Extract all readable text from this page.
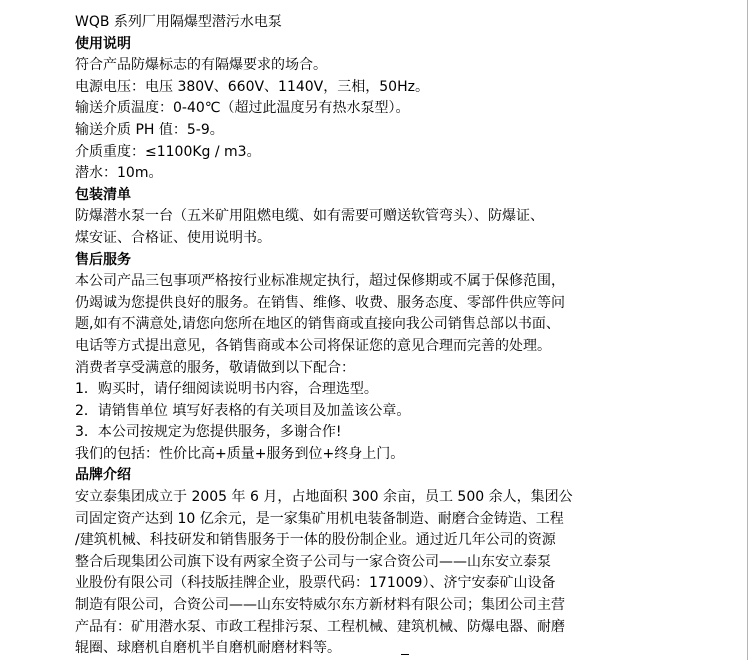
WQB 系列厂用隔爆型潜污水电泵
使用说明
符合产品防爆标志的有隔爆要求的场合。
电源电压：电压 380V、660V、1140V，三相，50Hz。
输送介质温度：0-40℃（超过此温度另有热水泵型）。
输送介质 PH 值：5-9。
介质重度：≤1100Kg / m3。
潜水：10m。
包装清单
防爆潜水泵一台（五米矿用阻燃电缆、如有需要可赠送软管弯头）、防爆证、
煤安证、合格证、使用说明书。
售后服务
本公司产品三包事项严格按行业标准规定执行，超过保修期或不属于保修范围，
仍竭诚为您提供良好的服务。在销售、维修、收费、服务态度、零部件供应等问
题,如有不满意处,请您向您所在地区的销售商或直接向我公司销售总部以书面、
电话等方式提出意见，各销售商或本公司将保证您的意见合理而完善的处理。
消费者享受满意的服务，敬请做到以下配合：
1．购买时，请仔细阅读说明书内容，合理选型。
2．请销售单位 填写好表格的有关项目及加盖该公章。
3．本公司按规定为您提供服务，多谢合作!
我们的包括：性价比高+质量+服务到位+终身上门。
品牌介绍
安立泰集团成立于 2005 年 6 月，占地面积 300 余亩，员工 500 余人，集团公
司固定资产达到 10 亿余元，是一家集矿用机电装备制造、耐磨合金铸造、工程
/建筑机械、科技研发和销售服务于一体的股份制企业。通过近几年公司的资源
整合后现集团公司旗下设有两家全资子公司与一家合资公司——山东安立泰泵
业股份有限公司（科技版挂牌企业，股票代码：171009）、济宁安泰矿山设备
制造有限公司，合资公司——山东安特威尔东方新材料有限公司；集团公司主营
产品有：矿用潜水泵、市政工程排污泵、工程机械、建筑机械、防爆电器、耐磨
辊圈、球磨机自磨机半自磨机耐磨材料等。
